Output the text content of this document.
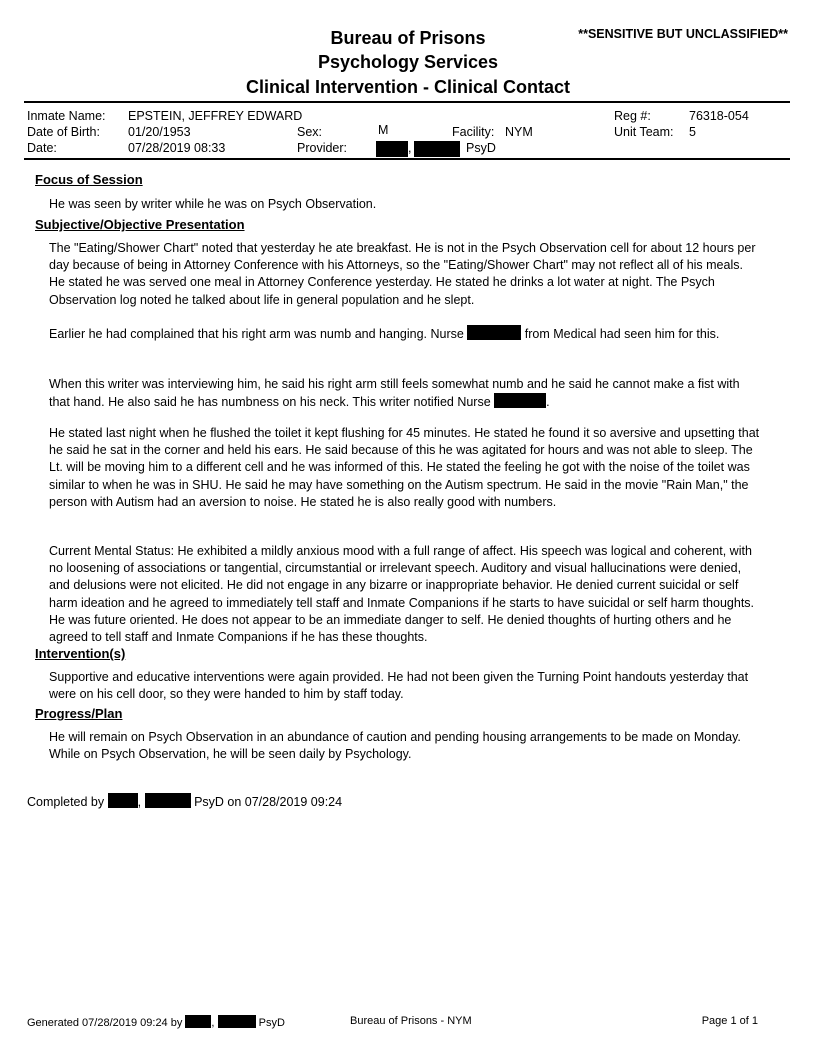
Bureau of Prisons
Psychology Services
Clinical Intervention - Clinical Contact
**SENSITIVE BUT UNCLASSIFIED**
Inmate Name: EPSTEIN, JEFFREY EDWARD
Date of Birth: 01/20/1953
Date:	07/28/2019 08:33
Sex:	M
Provider:	,	PsyD
Facility: NYM
Reg #:	76318-054
Unit Team: 5
Focus of Session
He was seen by writer while he was on Psych Observation.
Subjective/Objective Presentation
The "Eating/Shower Chart" noted that yesterday he ate breakfast. He is not in the Psych Observation cell for about 12 hours per day because of being in Attorney Conference with his Attorneys, so the "Eating/Shower Chart" may not reflect all of his meals. He stated he was served one meal in Attorney Conference yesterday. He stated he drinks a lot water at night. The Psych Observation log noted he talked about life in general population and he slept.
Earlier he had complained that his right arm was numb and hanging. Nurse	from Medical had seen him for this.
When this writer was interviewing him, he said his right arm still feels somewhat numb and he said he cannot make a fist with that hand. He also said he has numbness on his neck. This writer notified Nurse	.
He stated last night when he flushed the toilet it kept flushing for 45 minutes. He stated he found it so aversive and upsetting that he said he sat in the corner and held his ears. He said because of this he was agitated for hours and was not able to sleep. The Lt. will be moving him to a different cell and he was informed of this. He stated the feeling he got with the noise of the toilet was similar to when he was in SHU. He said he may have something on the Autism spectrum. He said in the movie "Rain Man," the person with Autism had an aversion to noise. He stated he is also really good with numbers.
Current Mental Status: He exhibited a mildly anxious mood with a full range of affect. His speech was logical and coherent, with no loosening of associations or tangential, circumstantial or irrelevant speech. Auditory and visual hallucinations were denied, and delusions were not elicited. He did not engage in any bizarre or inappropriate behavior. He denied current suicidal or self harm ideation and he agreed to immediately tell staff and Inmate Companions if he starts to have suicidal or self harm thoughts. He was future oriented. He does not appear to be an immediate danger to self. He denied thoughts of hurting others and he agreed to tell staff and Inmate Companions if he has these thoughts.
Intervention(s)
Supportive and educative interventions were again provided. He had not been given the Turning Point handouts yesterday that were on his cell door, so they were handed to him by staff today.
Progress/Plan
He will remain on Psych Observation in an abundance of caution and pending housing arrangements to be made on Monday. While on Psych Observation, he will be seen daily by Psychology.
Completed by	,	PsyD on 07/28/2019 09:24
Generated 07/28/2019 09:24 by	,	PsyD	Bureau of Prisons - NYM	Page 1 of 1
